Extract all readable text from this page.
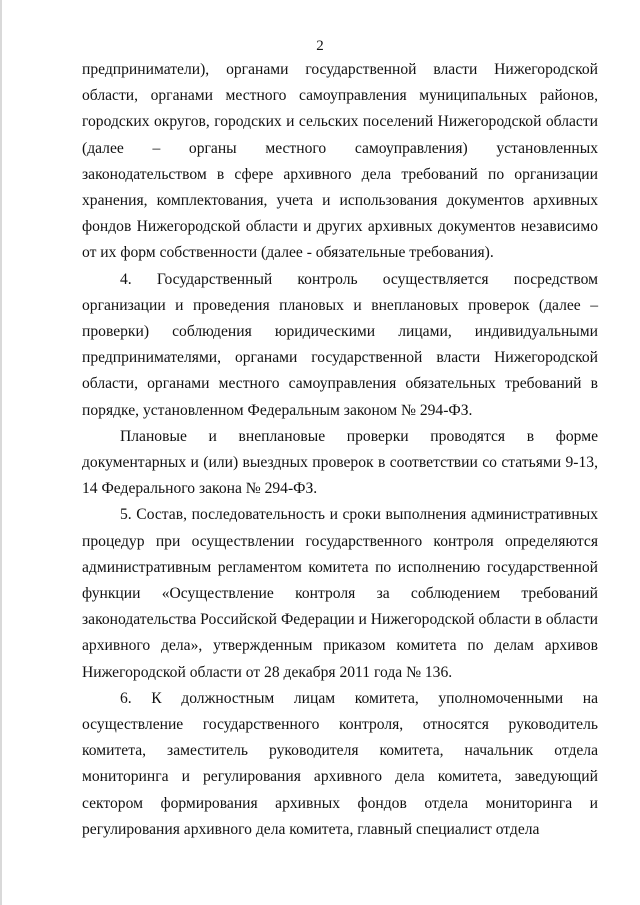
2

предприниматели), органами государственной власти Нижегородской области, органами местного самоуправления муниципальных районов, городских округов, городских и сельских поселений Нижегородской области (далее – органы местного самоуправления) установленных законодательством в сфере архивного дела требований по организации хранения, комплектования, учета и использования документов архивных фондов Нижегородской области и других архивных документов независимо от их форм собственности (далее - обязательные требования).

4. Государственный контроль осуществляется посредством организации и проведения плановых и внеплановых проверок (далее – проверки) соблюдения юридическими лицами, индивидуальными предпринимателями, органами государственной власти Нижегородской области, органами местного самоуправления обязательных требований в порядке, установленном Федеральным законом № 294-ФЗ.

Плановые и внеплановые проверки проводятся в форме документарных и (или) выездных проверок в соответствии со статьями 9-13, 14 Федерального закона № 294-ФЗ.

5. Состав, последовательность и сроки выполнения административных процедур при осуществлении государственного контроля определяются административным регламентом комитета по исполнению государственной функции «Осуществление контроля за соблюдением требований законодательства Российской Федерации и Нижегородской области в области архивного дела», утвержденным приказом комитета по делам архивов Нижегородской области от 28 декабря 2011 года № 136.

6. К должностным лицам комитета, уполномоченными на осуществление государственного контроля, относятся руководитель комитета, заместитель руководителя комитета, начальник отдела мониторинга и регулирования архивного дела комитета, заведующий сектором формирования архивных фондов отдела мониторинга и регулирования архивного дела комитета, главный специалист отдела
